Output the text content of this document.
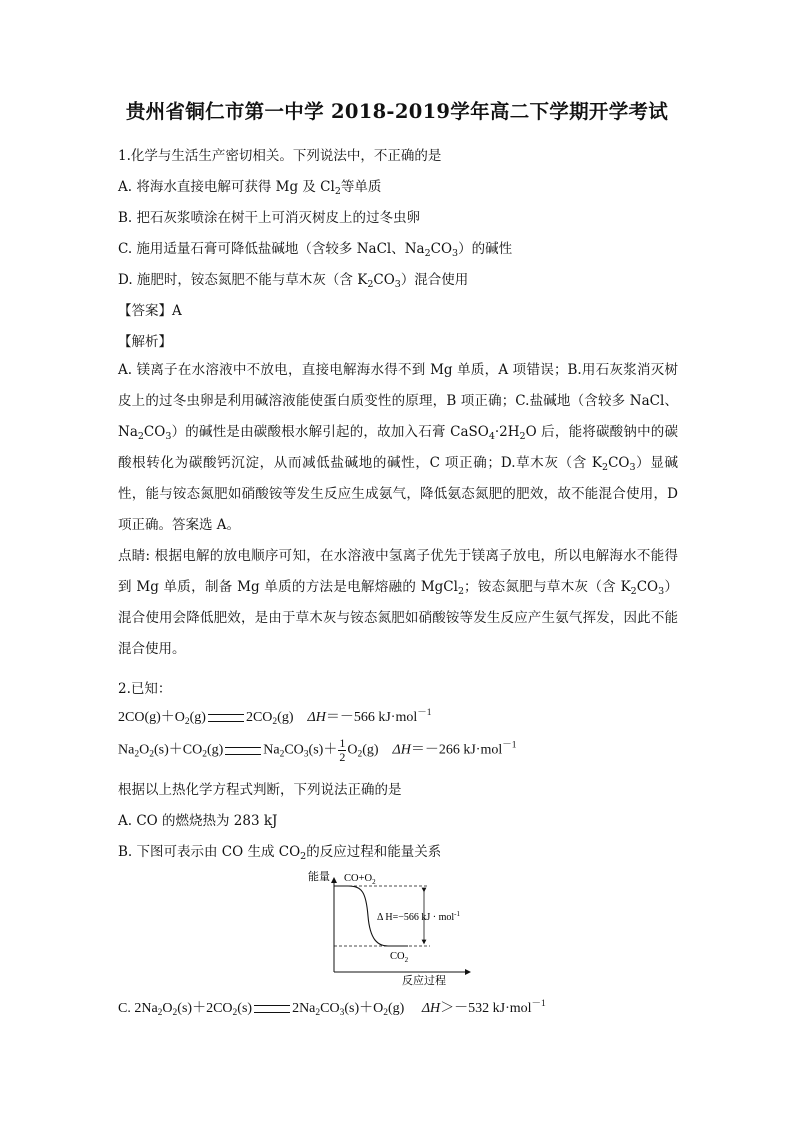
贵州省铜仁市第一中学 2018-2019学年高二下学期开学考试
1.化学与生活生产密切相关。下列说法中，不正确的是
A. 将海水直接电解可获得 Mg 及 $Cl_2$等单质
B. 把石灰浆喷涂在树干上可消灭树皮上的过冬虫卵
C. 施用适量石膏可降低盐碱地（含较多 NaCl、$Na_2CO_3$）的碱性
D. 施肥时，铵态氮肥不能与草木灰（含 $K_2CO_3$）混合使用
【答案】A
【解析】
A. 镁离子在水溶液中不放电，直接电解海水得不到 Mg 单质，A 项错误；B.用石灰浆消灭树皮上的过冬虫卵是利用碱溶液能使蛋白质变性的原理，B 项正确；C.盐碱地（含较多 NaCl、$Na_2CO_3$）的碱性是由碳酸根水解引起的，故加入石膏 $CaSO_4\cdot 2H_2O$ 后，能将碳酸钠中的碳酸根转化为碳酸钙沉淀，从而减低盐碱地的碱性，C 项正确；D.草木灰（含 $K_2CO_3$）显碱性，能与铵态氮肥如硝酸铵等发生反应生成氨气，降低氨态氮肥的肥效，故不能混合使用，D 项正确。答案选 A。
点睛: 根据电解的放电顺序可知，在水溶液中氢离子优先于镁离子放电，所以电解海水不能得到 Mg 单质，制备 Mg 单质的方法是电解熔融的 MgCl$_2$；铵态氮肥与草木灰（含 $K_2CO_3$）混合使用会降低肥效，是由于草木灰与铵态氮肥如硝酸铵等发生反应产生氨气挥发，因此不能混合使用。
2.已知：
$2CO(g)+O_2(g)$	$2CO_2(g)$ ΔH＝－566 kJ·mol$^{-1}$
$Na_2O_2(s)+CO_2(g)$	$Na_2CO_3(s)+ \frac{1}{2} O_2(g)$ ΔH＝－266 kJ·mol$^{-1}$
根据以上热化学方程式判断，下列说法正确的是
A. CO 的燃烧热为 283 kJ
B. 下图可表示由 CO 生成 $CO_2$的反应过程和能量关系
能量
反应过程
$CO+O_2$
$CO_2$
Δ H=−566 kJ · mol$^{-1}$
C. $2Na_2O_2(s)+2CO_2(s)$	$2Na_2CO_3(s)+O_2(g)$ ΔH＞－532 kJ·mol$^{-1}$
